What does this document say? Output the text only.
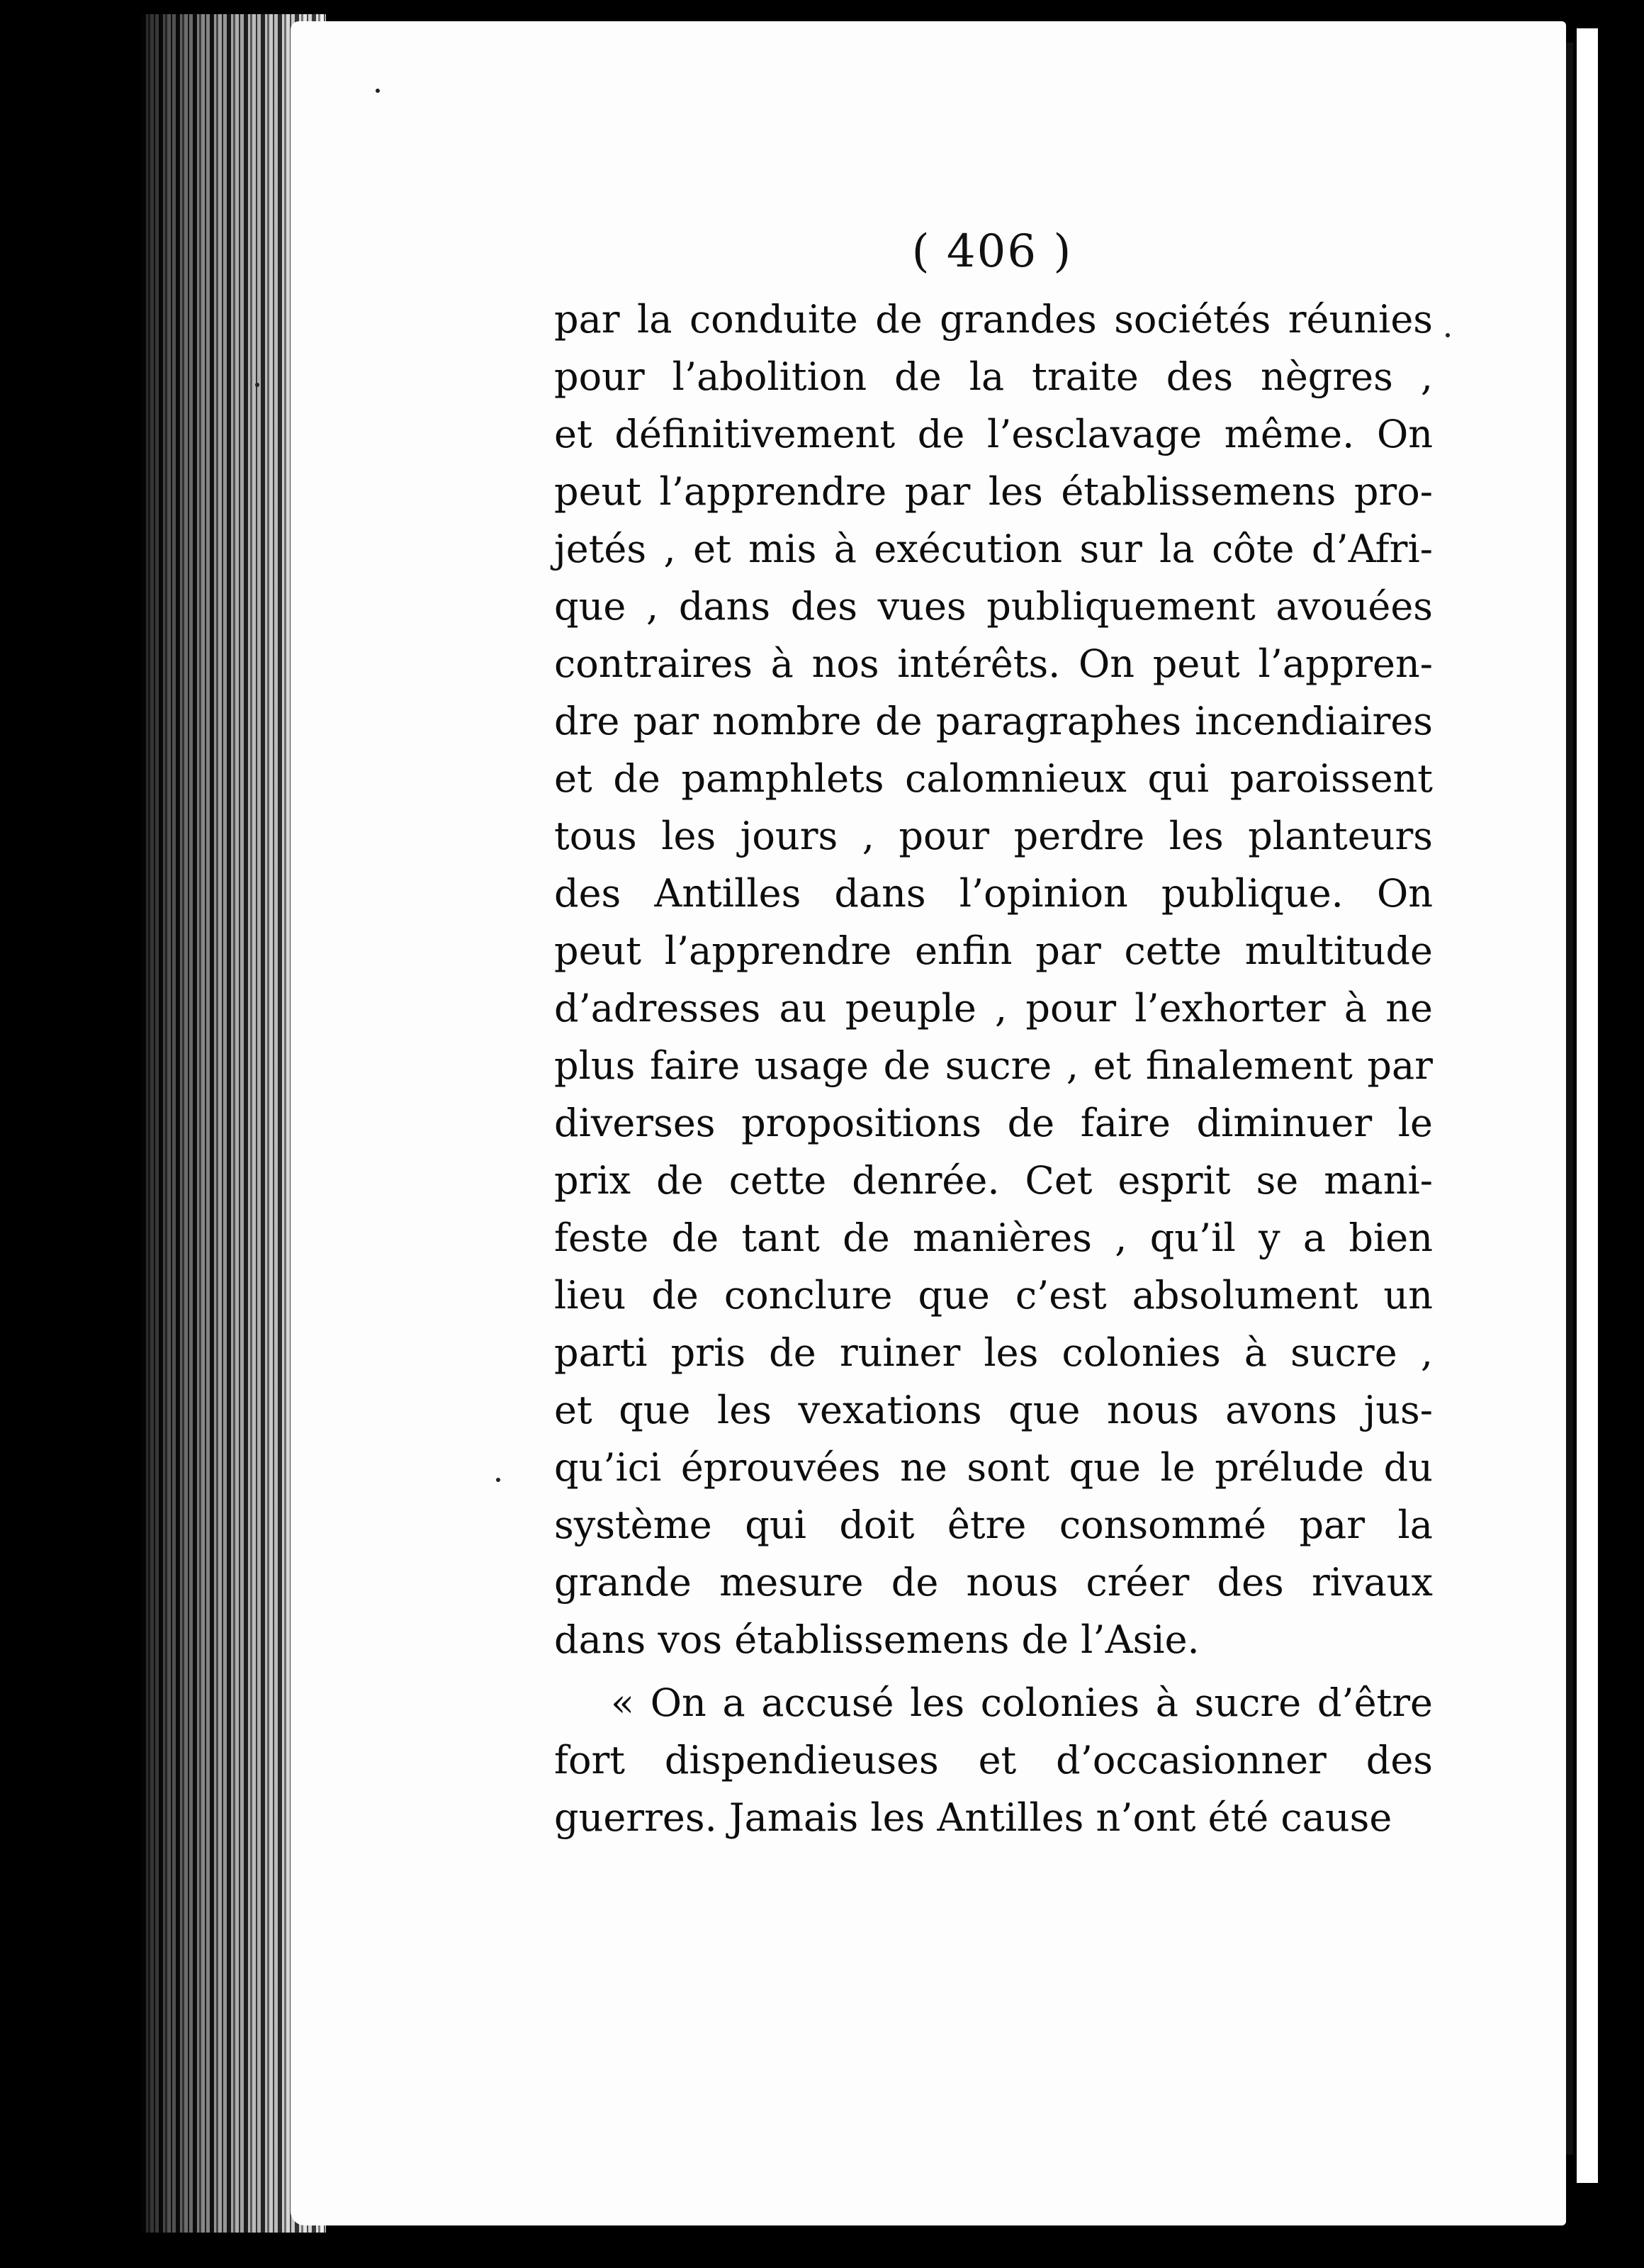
( 406 )
par la conduite de grandes sociétés réunies
pour l’abolition de la traite des nègres ,
et définitivement de l’esclavage même. On
peut l’apprendre par les établissemens pro-
jetés , et mis à exécution sur la côte d’Afri-
que , dans des vues publiquement avouées
contraires à nos intérêts. On peut l’appren-
dre par nombre de paragraphes incendiaires
et de pamphlets calomnieux qui paroissent
tous les jours , pour perdre les planteurs
des Antilles dans l’opinion publique. On
peut l’apprendre enfin par cette multitude
d’adresses au peuple , pour l’exhorter à ne
plus faire usage de sucre , et finalement par
diverses propositions de faire diminuer le
prix de cette denrée. Cet esprit se mani-
feste de tant de manières , qu’il y a bien
lieu de conclure que c’est absolument un
parti pris de ruiner les colonies à sucre ,
et que les vexations que nous avons jus-
qu’ici éprouvées ne sont que le prélude du
système qui doit être consommé par la
grande mesure de nous créer des rivaux
dans vos établissemens de l’Asie.
« On a accusé les colonies à sucre d’être
fort dispendieuses et d’occasionner des
guerres. Jamais les Antilles n’ont été cause
